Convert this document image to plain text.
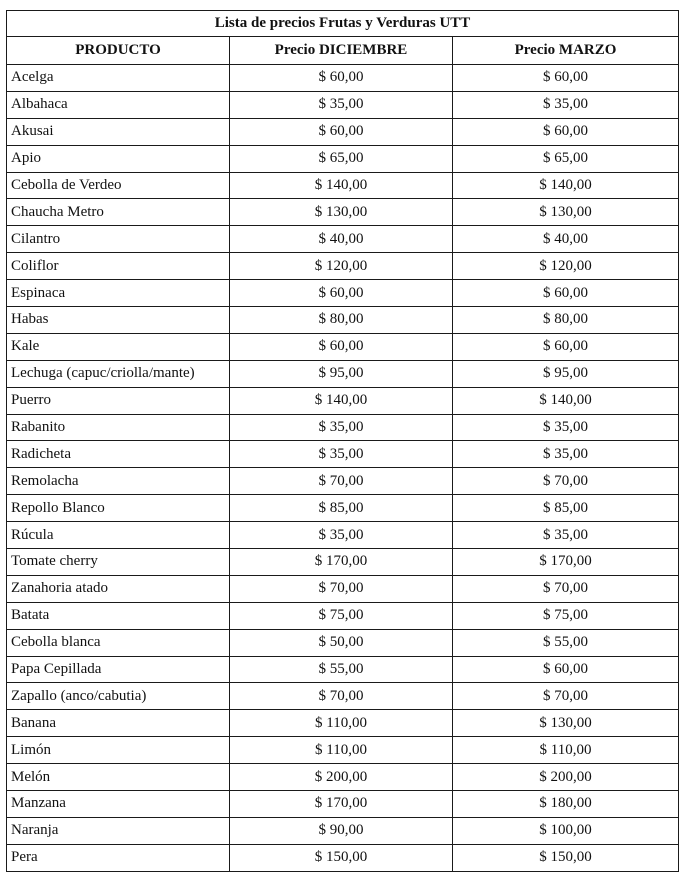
Lista de precios Frutas y Verduras UTT		
PRODUCTO	Precio DICIEMBRE	Precio MARZO
Acelga	$ 60,00	$ 60,00
Albahaca	$ 35,00	$ 35,00
Akusai	$ 60,00	$ 60,00
Apio	$ 65,00	$ 65,00
Cebolla de Verdeo	$ 140,00	$ 140,00
Chaucha Metro	$ 130,00	$ 130,00
Cilantro	$ 40,00	$ 40,00
Coliflor	$ 120,00	$ 120,00
Espinaca	$ 60,00	$ 60,00
Habas	$ 80,00	$ 80,00
Kale	$ 60,00	$ 60,00
Lechuga (capuc/criolla/mante)	$ 95,00	$ 95,00
Puerro	$ 140,00	$ 140,00
Rabanito	$ 35,00	$ 35,00
Radicheta	$ 35,00	$ 35,00
Remolacha	$ 70,00	$ 70,00
Repollo Blanco	$ 85,00	$ 85,00
Rúcula	$ 35,00	$ 35,00
Tomate cherry	$ 170,00	$ 170,00
Zanahoria atado	$ 70,00	$ 70,00
Batata	$ 75,00	$ 75,00
Cebolla blanca	$ 50,00	$ 55,00
Papa Cepillada	$ 55,00	$ 60,00
Zapallo (anco/cabutia)	$ 70,00	$ 70,00
Banana	$ 110,00	$ 130,00
Limón	$ 110,00	$ 110,00
Melón	$ 200,00	$ 200,00
Manzana	$ 170,00	$ 180,00
Naranja	$ 90,00	$ 100,00
Pera	$ 150,00	$ 150,00
